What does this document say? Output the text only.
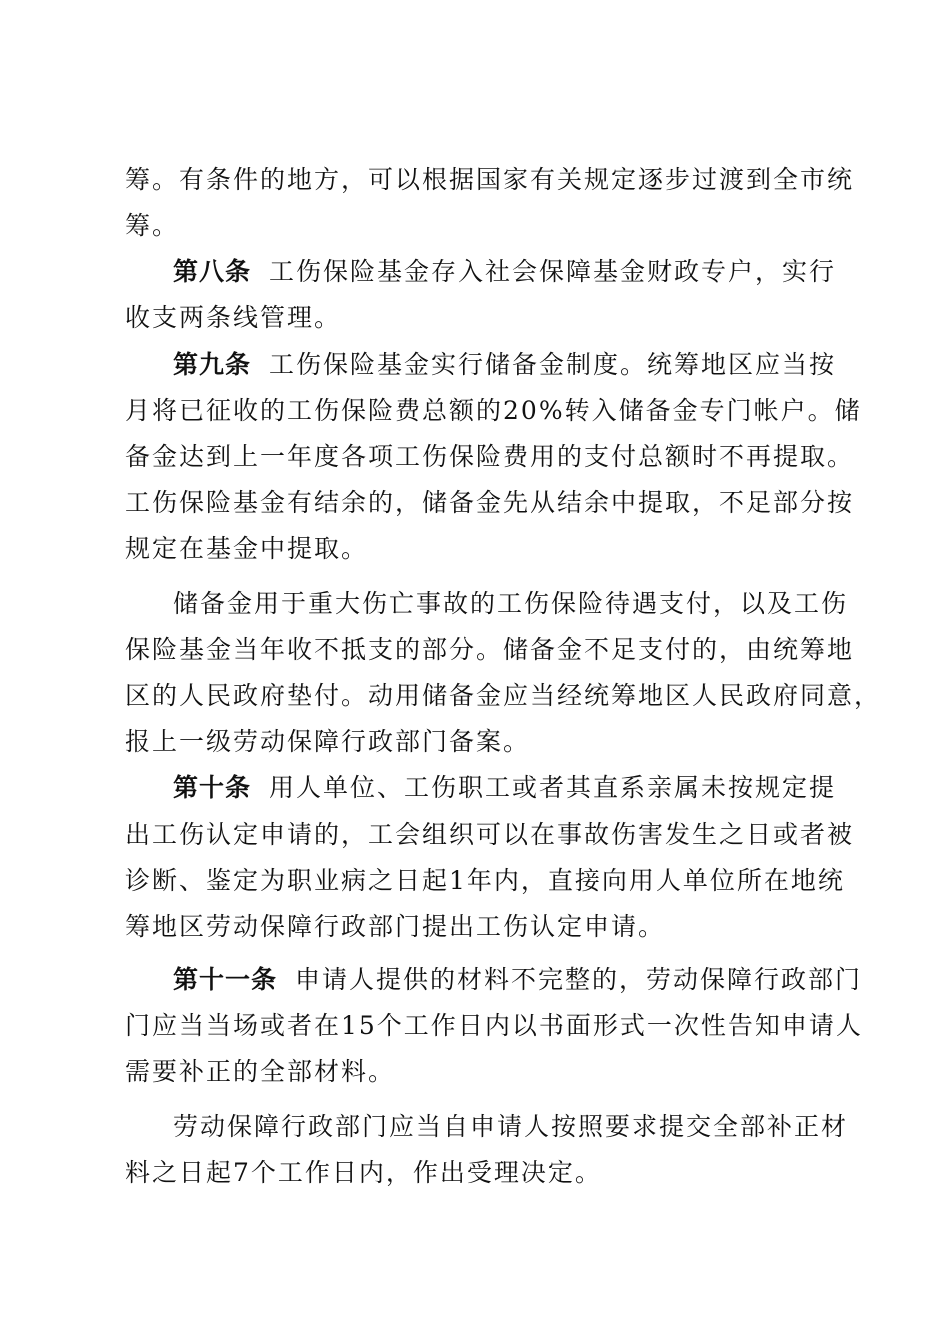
筹。有条件的地方，可以根据国家有关规定逐步过渡到全市统
筹。
第八条 工伤保险基金存入社会保障基金财政专户，实行
收支两条线管理。
第九条 工伤保险基金实行储备金制度。统筹地区应当按
月将已征收的工伤保险费总额的20%转入储备金专门帐户。储
备金达到上一年度各项工伤保险费用的支付总额时不再提取。
工伤保险基金有结余的，储备金先从结余中提取，不足部分按
规定在基金中提取。
储备金用于重大伤亡事故的工伤保险待遇支付，以及工伤
保险基金当年收不抵支的部分。储备金不足支付的，由统筹地
区的人民政府垫付。动用储备金应当经统筹地区人民政府同意，
报上一级劳动保障行政部门备案。
第十条 用人单位、工伤职工或者其直系亲属未按规定提
出工伤认定申请的，工会组织可以在事故伤害发生之日或者被
诊断、鉴定为职业病之日起1年内，直接向用人单位所在地统
筹地区劳动保障行政部门提出工伤认定申请。
第十一条 申请人提供的材料不完整的，劳动保障行政部门
门应当当场或者在15个工作日内以书面形式一次性告知申请人
需要补正的全部材料。
劳动保障行政部门应当自申请人按照要求提交全部补正材
料之日起7个工作日内，作出受理决定。
